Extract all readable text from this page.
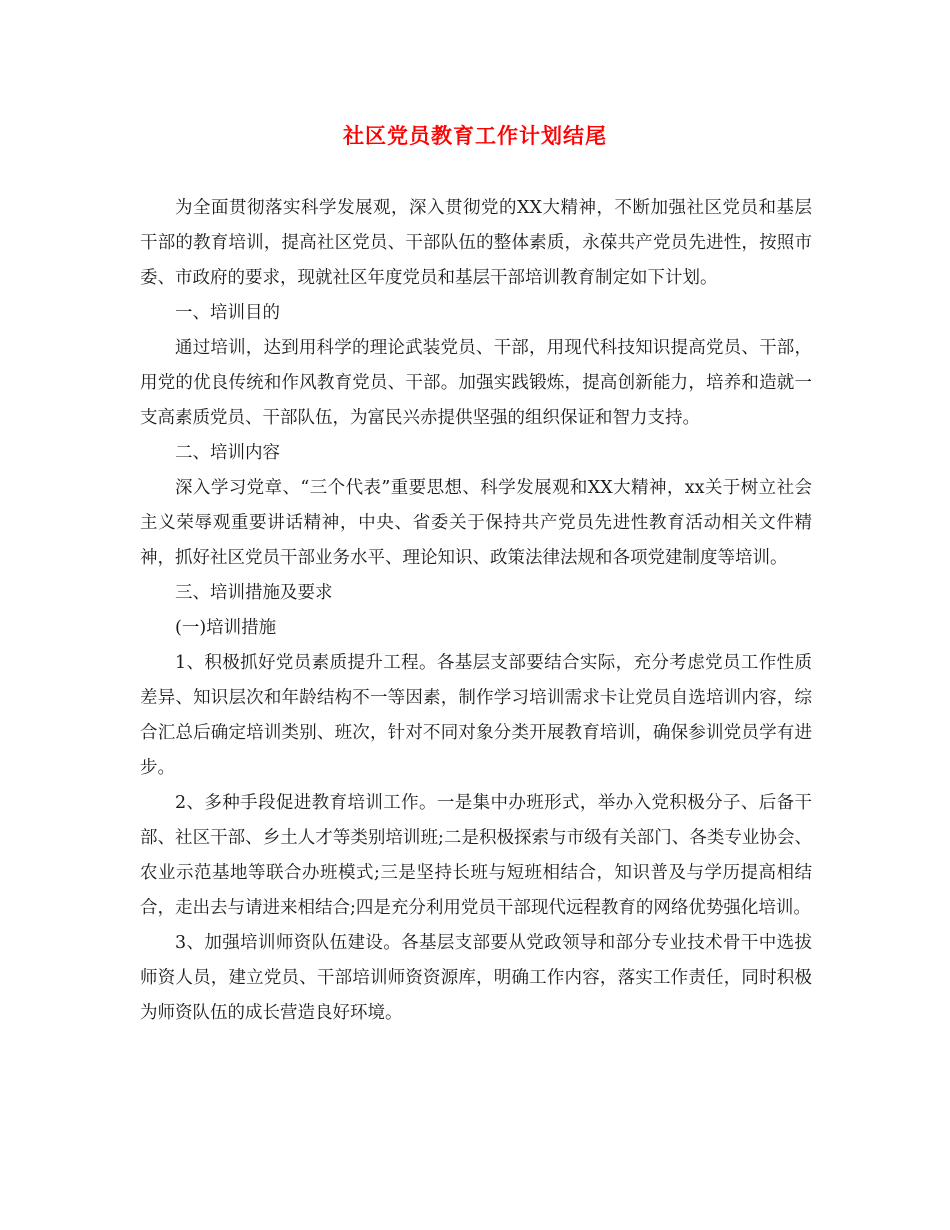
社区党员教育工作计划结尾

为全面贯彻落实科学发展观，深入贯彻党的XX大精神，不断加强社区党员和基层干部的教育培训，提高社区党员、干部队伍的整体素质，永葆共产党员先进性，按照市委、市政府的要求，现就社区年度党员和基层干部培训教育制定如下计划。

一、培训目的

通过培训，达到用科学的理论武装党员、干部，用现代科技知识提高党员、干部，用党的优良传统和作风教育党员、干部。加强实践锻炼，提高创新能力，培养和造就一支高素质党员、干部队伍，为富民兴赤提供坚强的组织保证和智力支持。

二、培训内容

深入学习党章、“三个代表”重要思想、科学发展观和XX大精神，xx关于树立社会主义荣辱观重要讲话精神，中央、省委关于保持共产党员先进性教育活动相关文件精神，抓好社区党员干部业务水平、理论知识、政策法律法规和各项党建制度等培训。

三、培训措施及要求

(一)培训措施

1、积极抓好党员素质提升工程。各基层支部要结合实际，充分考虑党员工作性质差异、知识层次和年龄结构不一等因素，制作学习培训需求卡让党员自选培训内容，综合汇总后确定培训类别、班次，针对不同对象分类开展教育培训，确保参训党员学有进步。

2、多种手段促进教育培训工作。一是集中办班形式，举办入党积极分子、后备干部、社区干部、乡土人才等类别培训班;二是积极探索与市级有关部门、各类专业协会、农业示范基地等联合办班模式;三是坚持长班与短班相结合，知识普及与学历提高相结合，走出去与请进来相结合;四是充分利用党员干部现代远程教育的网络优势强化培训。

3、加强培训师资队伍建设。各基层支部要从党政领导和部分专业技术骨干中选拔师资人员，建立党员、干部培训师资资源库，明确工作内容，落实工作责任，同时积极为师资队伍的成长营造良好环境。
